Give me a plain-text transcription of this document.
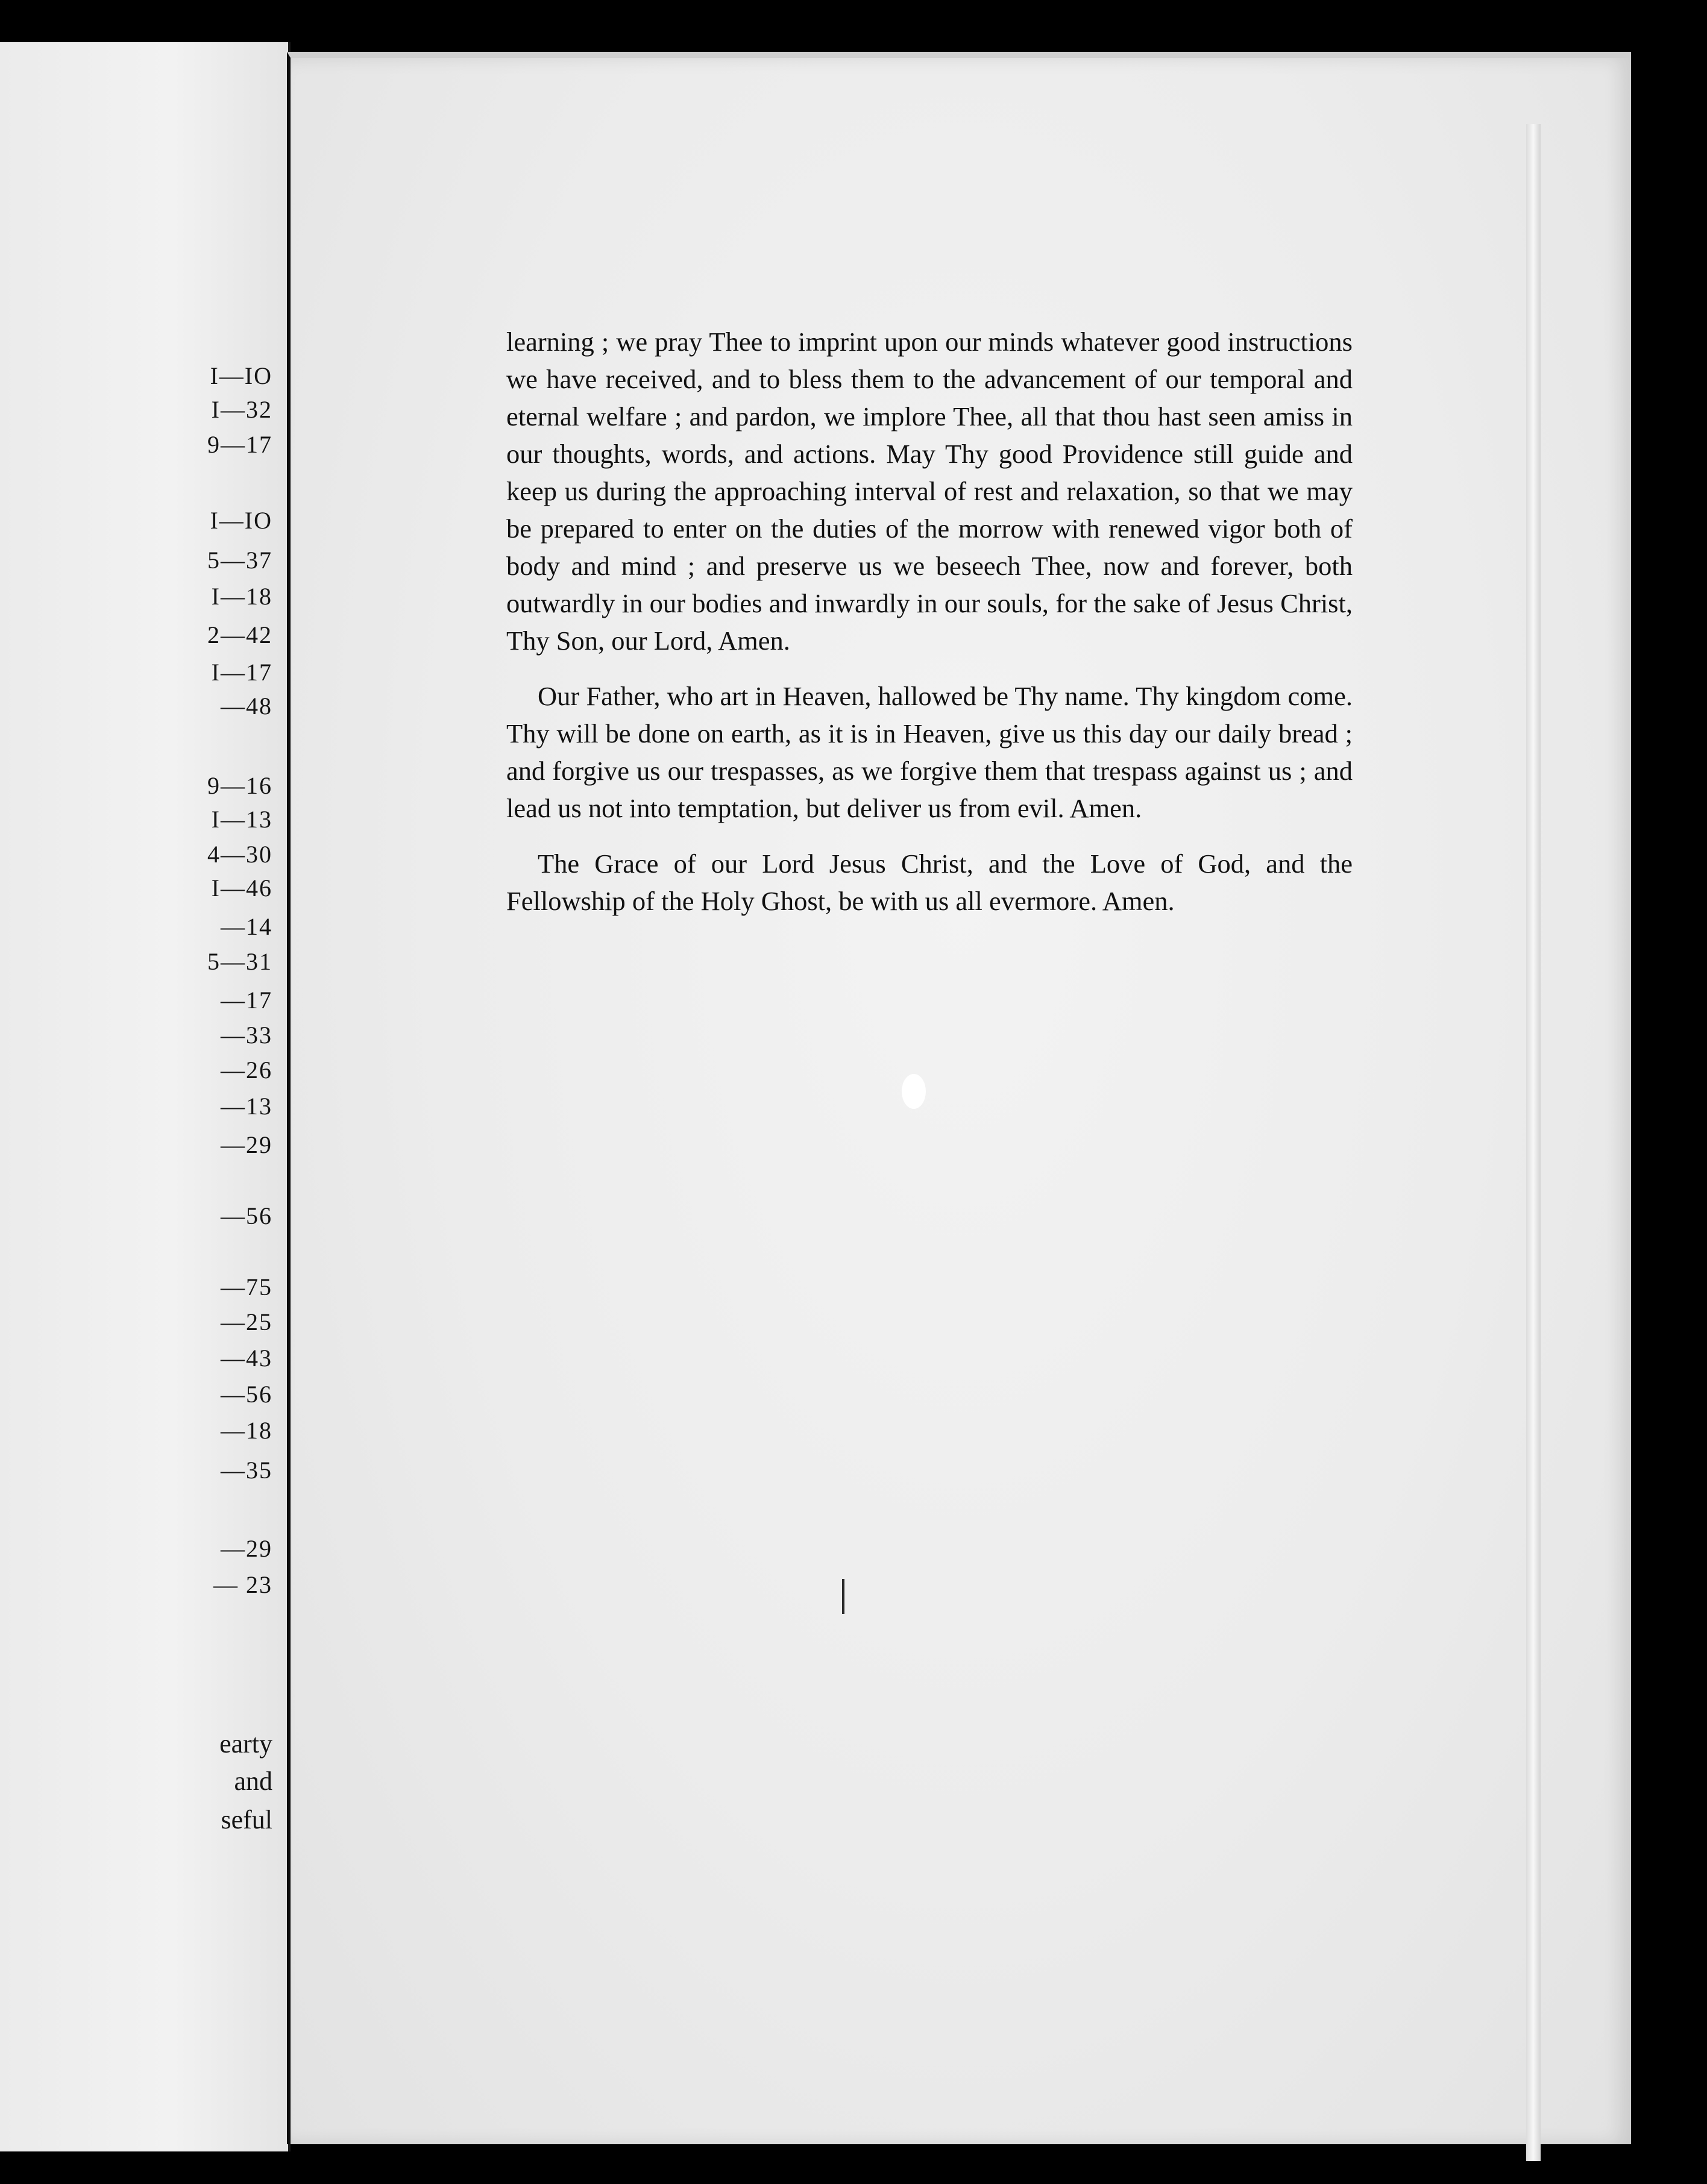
I—IO
I—32
9—17
I—IO
5—37
I—18
2—42
I—17
—48
9—16
I—13
4—30
I—46
—14
5—31
—17
—33
—26
—13
—29
—56
—75
—25
—43
—56
—18
—35
—29
— 23
earty
and
seful

learning ; we pray Thee to imprint upon our minds whatever good instructions we have received, and to bless them to the advancement of our temporal and eternal welfare ; and pardon, we implore Thee, all that thou hast seen amiss in our thoughts, words, and actions. May Thy good Providence still guide and keep us during the approaching interval of rest and relaxation, so that we may be prepared to enter on the duties of the morrow with renewed vigor both of body and mind ; and preserve us we beseech Thee, now and forever, both outwardly in our bodies and inwardly in our souls, for the sake of Jesus Christ, Thy Son, our Lord, Amen.

Our Father, who art in Heaven, hallowed be Thy name. Thy kingdom come. Thy will be done on earth, as it is in Heaven, give us this day our daily bread ; and forgive us our trespasses, as we forgive them that trespass against us ; and lead us not into temptation, but deliver us from evil. Amen.

The Grace of our Lord Jesus Christ, and the Love of God, and the Fellowship of the Holy Ghost, be with us all evermore. Amen.
